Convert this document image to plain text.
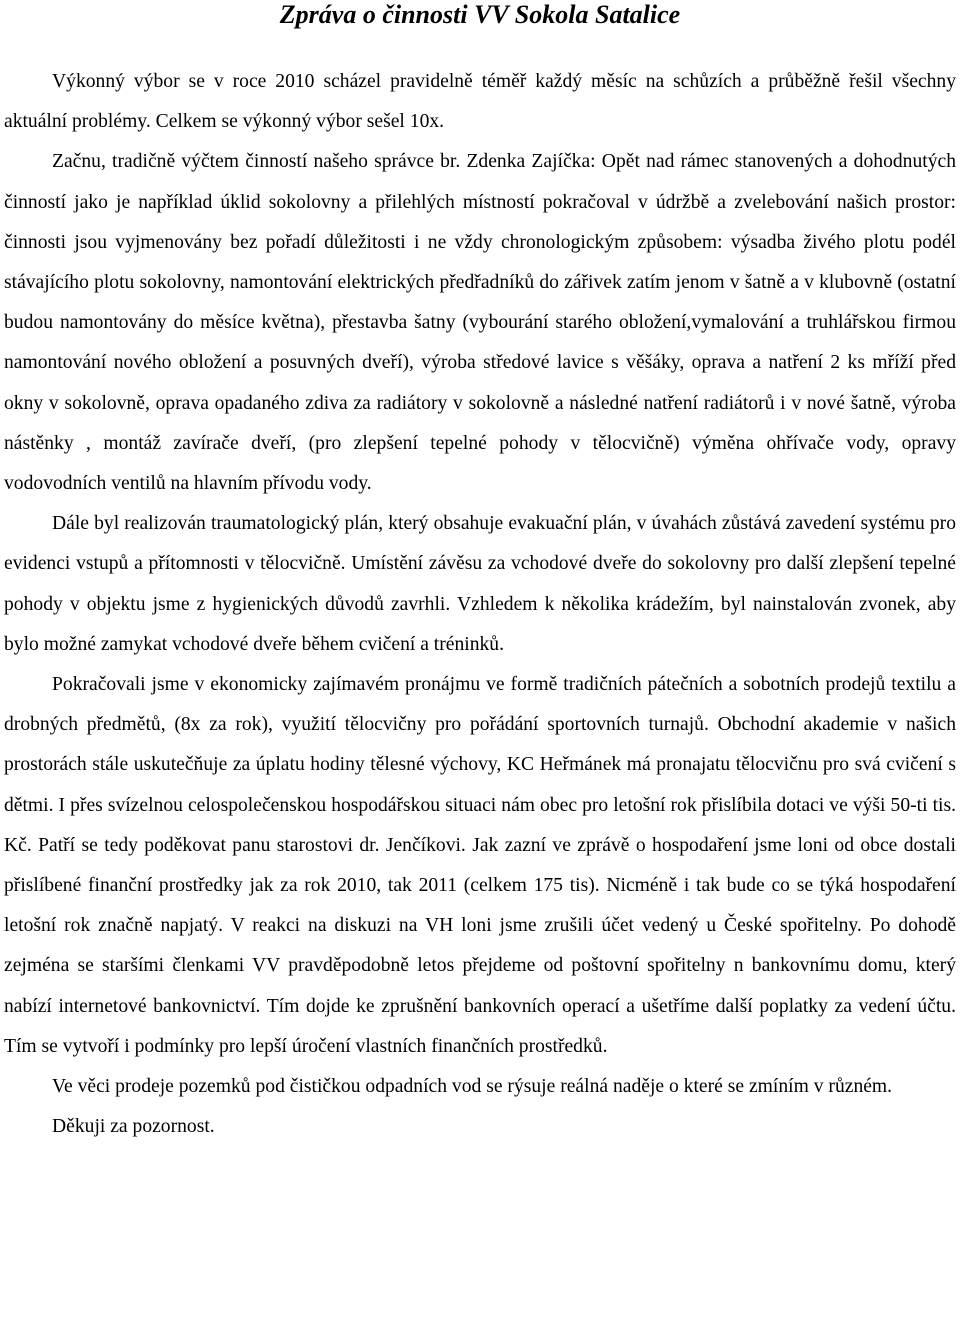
Zpráva o činnosti VV Sokola Satalice

Výkonný výbor se v roce 2010 scházel pravidelně téměř každý měsíc na schůzích a průběžně řešil všechny aktuální problémy. Celkem se výkonný výbor sešel 10x.

Začnu, tradičně výčtem činností našeho správce br. Zdenka Zajíčka: Opět nad rámec stanovených a dohodnutých činností jako je například úklid sokolovny a přilehlých místností pokračoval v údržbě a zvelebování našich prostor: činnosti jsou vyjmenovány bez pořadí důležitosti i ne vždy chronologickým způsobem: výsadba živého plotu podél stávajícího plotu sokolovny, namontování elektrických předřadníků do zářivek zatím jenom v šatně a v klubovně (ostatní budou namontovány do měsíce května), přestavba šatny (vybourání starého obložení,vymalování a truhlářskou firmou namontování nového obložení a posuvných dveří), výroba středové lavice s věšáky, oprava a natření 2 ks mříží před okny v sokolovně, oprava opadaného zdiva za radiátory v sokolovně a následné natření radiátorů i v nové šatně, výroba nástěnky , montáž zavírače dveří, (pro zlepšení tepelné pohody v tělocvičně) výměna ohřívače vody, opravy vodovodních ventilů na hlavním přívodu vody.

Dále byl realizován traumatologický plán, který obsahuje evakuační plán, v úvahách zůstává zavedení systému pro evidenci vstupů a přítomnosti v tělocvičně. Umístění závěsu za vchodové dveře do sokolovny pro další zlepšení tepelné pohody v objektu jsme z hygienických důvodů zavrhli. Vzhledem k několika krádežím, byl nainstalován zvonek, aby bylo možné zamykat vchodové dveře během cvičení a tréninků.

Pokračovali jsme v ekonomicky zajímavém pronájmu ve formě tradičních pátečních a sobotních prodejů textilu a drobných předmětů, (8x za rok), využití tělocvičny pro pořádání sportovních turnajů. Obchodní akademie v našich prostorách stále uskutečňuje za úplatu hodiny tělesné výchovy, KC Heřmánek má pronajatu tělocvičnu pro svá cvičení s dětmi. I přes svízelnou celospolečenskou hospodářskou situaci nám obec pro letošní rok přislíbila dotaci ve výši 50-ti tis. Kč. Patří se tedy poděkovat panu starostovi dr. Jenčíkovi. Jak zazní ve zprávě o hospodaření jsme loni od obce dostali přislíbené finanční prostředky jak za rok 2010, tak 2011 (celkem 175 tis). Nicméně i tak bude co se týká hospodaření letošní rok značně napjatý. V reakci na diskuzi na VH loni jsme zrušili účet vedený u České spořitelny. Po dohodě zejména se staršími členkami VV pravděpodobně letos přejdeme od poštovní spořitelny n bankovnímu domu, který nabízí internetové bankovnictví. Tím dojde ke zprušnění bankovních operací a ušetříme další poplatky za vedení účtu. Tím se vytvoří i podmínky pro lepší úročení vlastních finančních prostředků.

Ve věci prodeje pozemků pod čističkou odpadních vod se rýsuje reálná naděje o které se zmíním v různém.

Děkuji za pozornost.
